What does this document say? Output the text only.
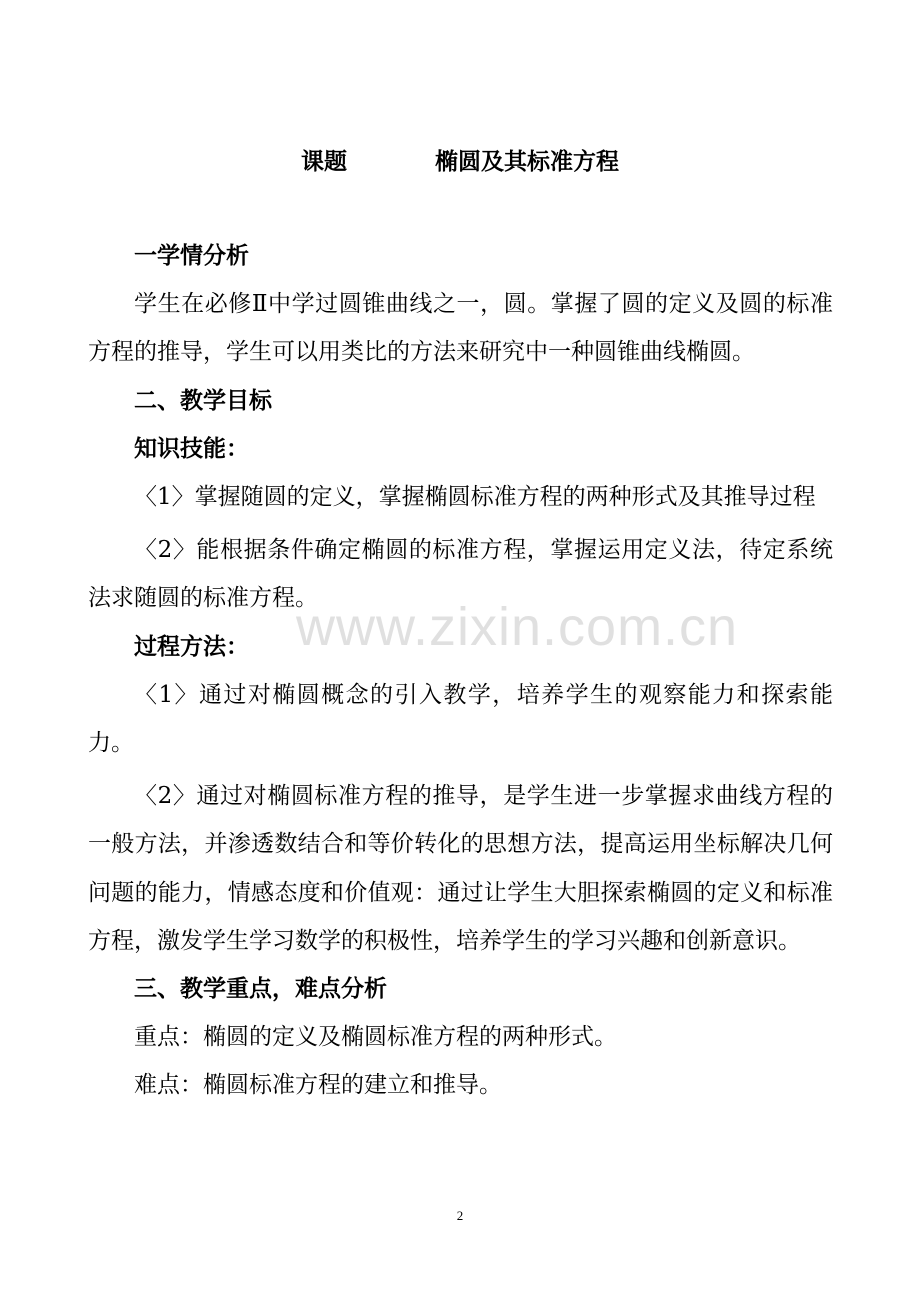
课题	椭圆及其标准方程

一学情分析

学生在必修Ⅱ中学过圆锥曲线之一，圆。掌握了圆的定义及圆的标准方程的推导，学生可以用类比的方法来研究中一种圆锥曲线椭圆。

二、教学目标

知识技能：

〈1〉掌握随圆的定义，掌握椭圆标准方程的两种形式及其推导过程

〈2〉能根据条件确定椭圆的标准方程，掌握运用定义法，待定系统法求随圆的标准方程。

过程方法：

〈1〉通过对椭圆概念的引入教学，培养学生的观察能力和探索能力。

〈2〉通过对椭圆标准方程的推导，是学生进一步掌握求曲线方程的一般方法，并渗透数结合和等价转化的思想方法，提高运用坐标解决几何问题的能力，情感态度和价值观：通过让学生大胆探索椭圆的定义和标准方程，激发学生学习数学的积极性，培养学生的学习兴趣和创新意识。

三、教学重点，难点分析

重点：椭圆的定义及椭圆标准方程的两种形式。

难点：椭圆标准方程的建立和推导。

www.zixin.com.cn
2
